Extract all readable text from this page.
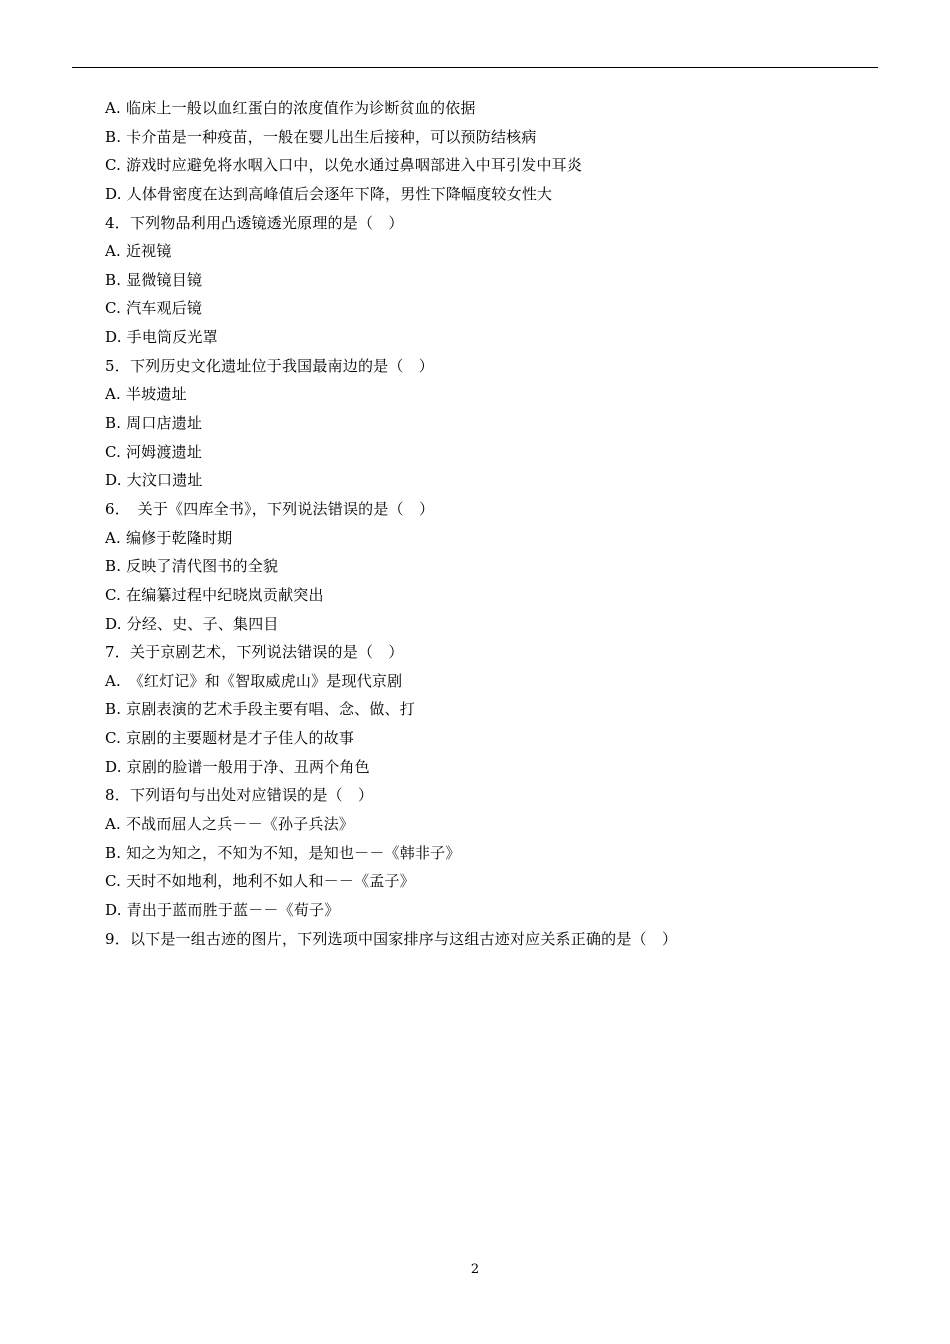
A. 临床上一般以血红蛋白的浓度值作为诊断贫血的依据
B. 卡介苗是一种疫苗，一般在婴儿出生后接种，可以预防结核病
C. 游戏时应避免将水咽入口中，以免水通过鼻咽部进入中耳引发中耳炎
D. 人体骨密度在达到高峰值后会逐年下降，男性下降幅度较女性大
4．下列物品利用凸透镜透光原理的是（　）
A. 近视镜
B. 显微镜目镜
C. 汽车观后镜
D. 手电筒反光罩
5．下列历史文化遗址位于我国最南边的是（　）
A. 半坡遗址
B. 周口店遗址
C. 河姆渡遗址
D. 大汶口遗址
6．　关于《四库全书》，下列说法错误的是（　）
A. 编修于乾隆时期
B. 反映了清代图书的全貌
C. 在编纂过程中纪晓岚贡献突出
D. 分经、史、子、集四目
7．关于京剧艺术，下列说法错误的是（　）
A.　《红灯记》和《智取威虎山》是现代京剧
B. 京剧表演的艺术手段主要有唱、念、做、打
C. 京剧的主要题材是才子佳人的故事
D. 京剧的脸谱一般用于净、丑两个角色
8．下列语句与出处对应错误的是（　）
A. 不战而屈人之兵－－《孙子兵法》
B. 知之为知之，不知为不知，是知也－－《韩非子》
C. 天时不如地利，地利不如人和－－《孟子》
D. 青出于蓝而胜于蓝－－《荀子》
9．以下是一组古迹的图片，下列选项中国家排序与这组古迹对应关系正确的是（　）
2
